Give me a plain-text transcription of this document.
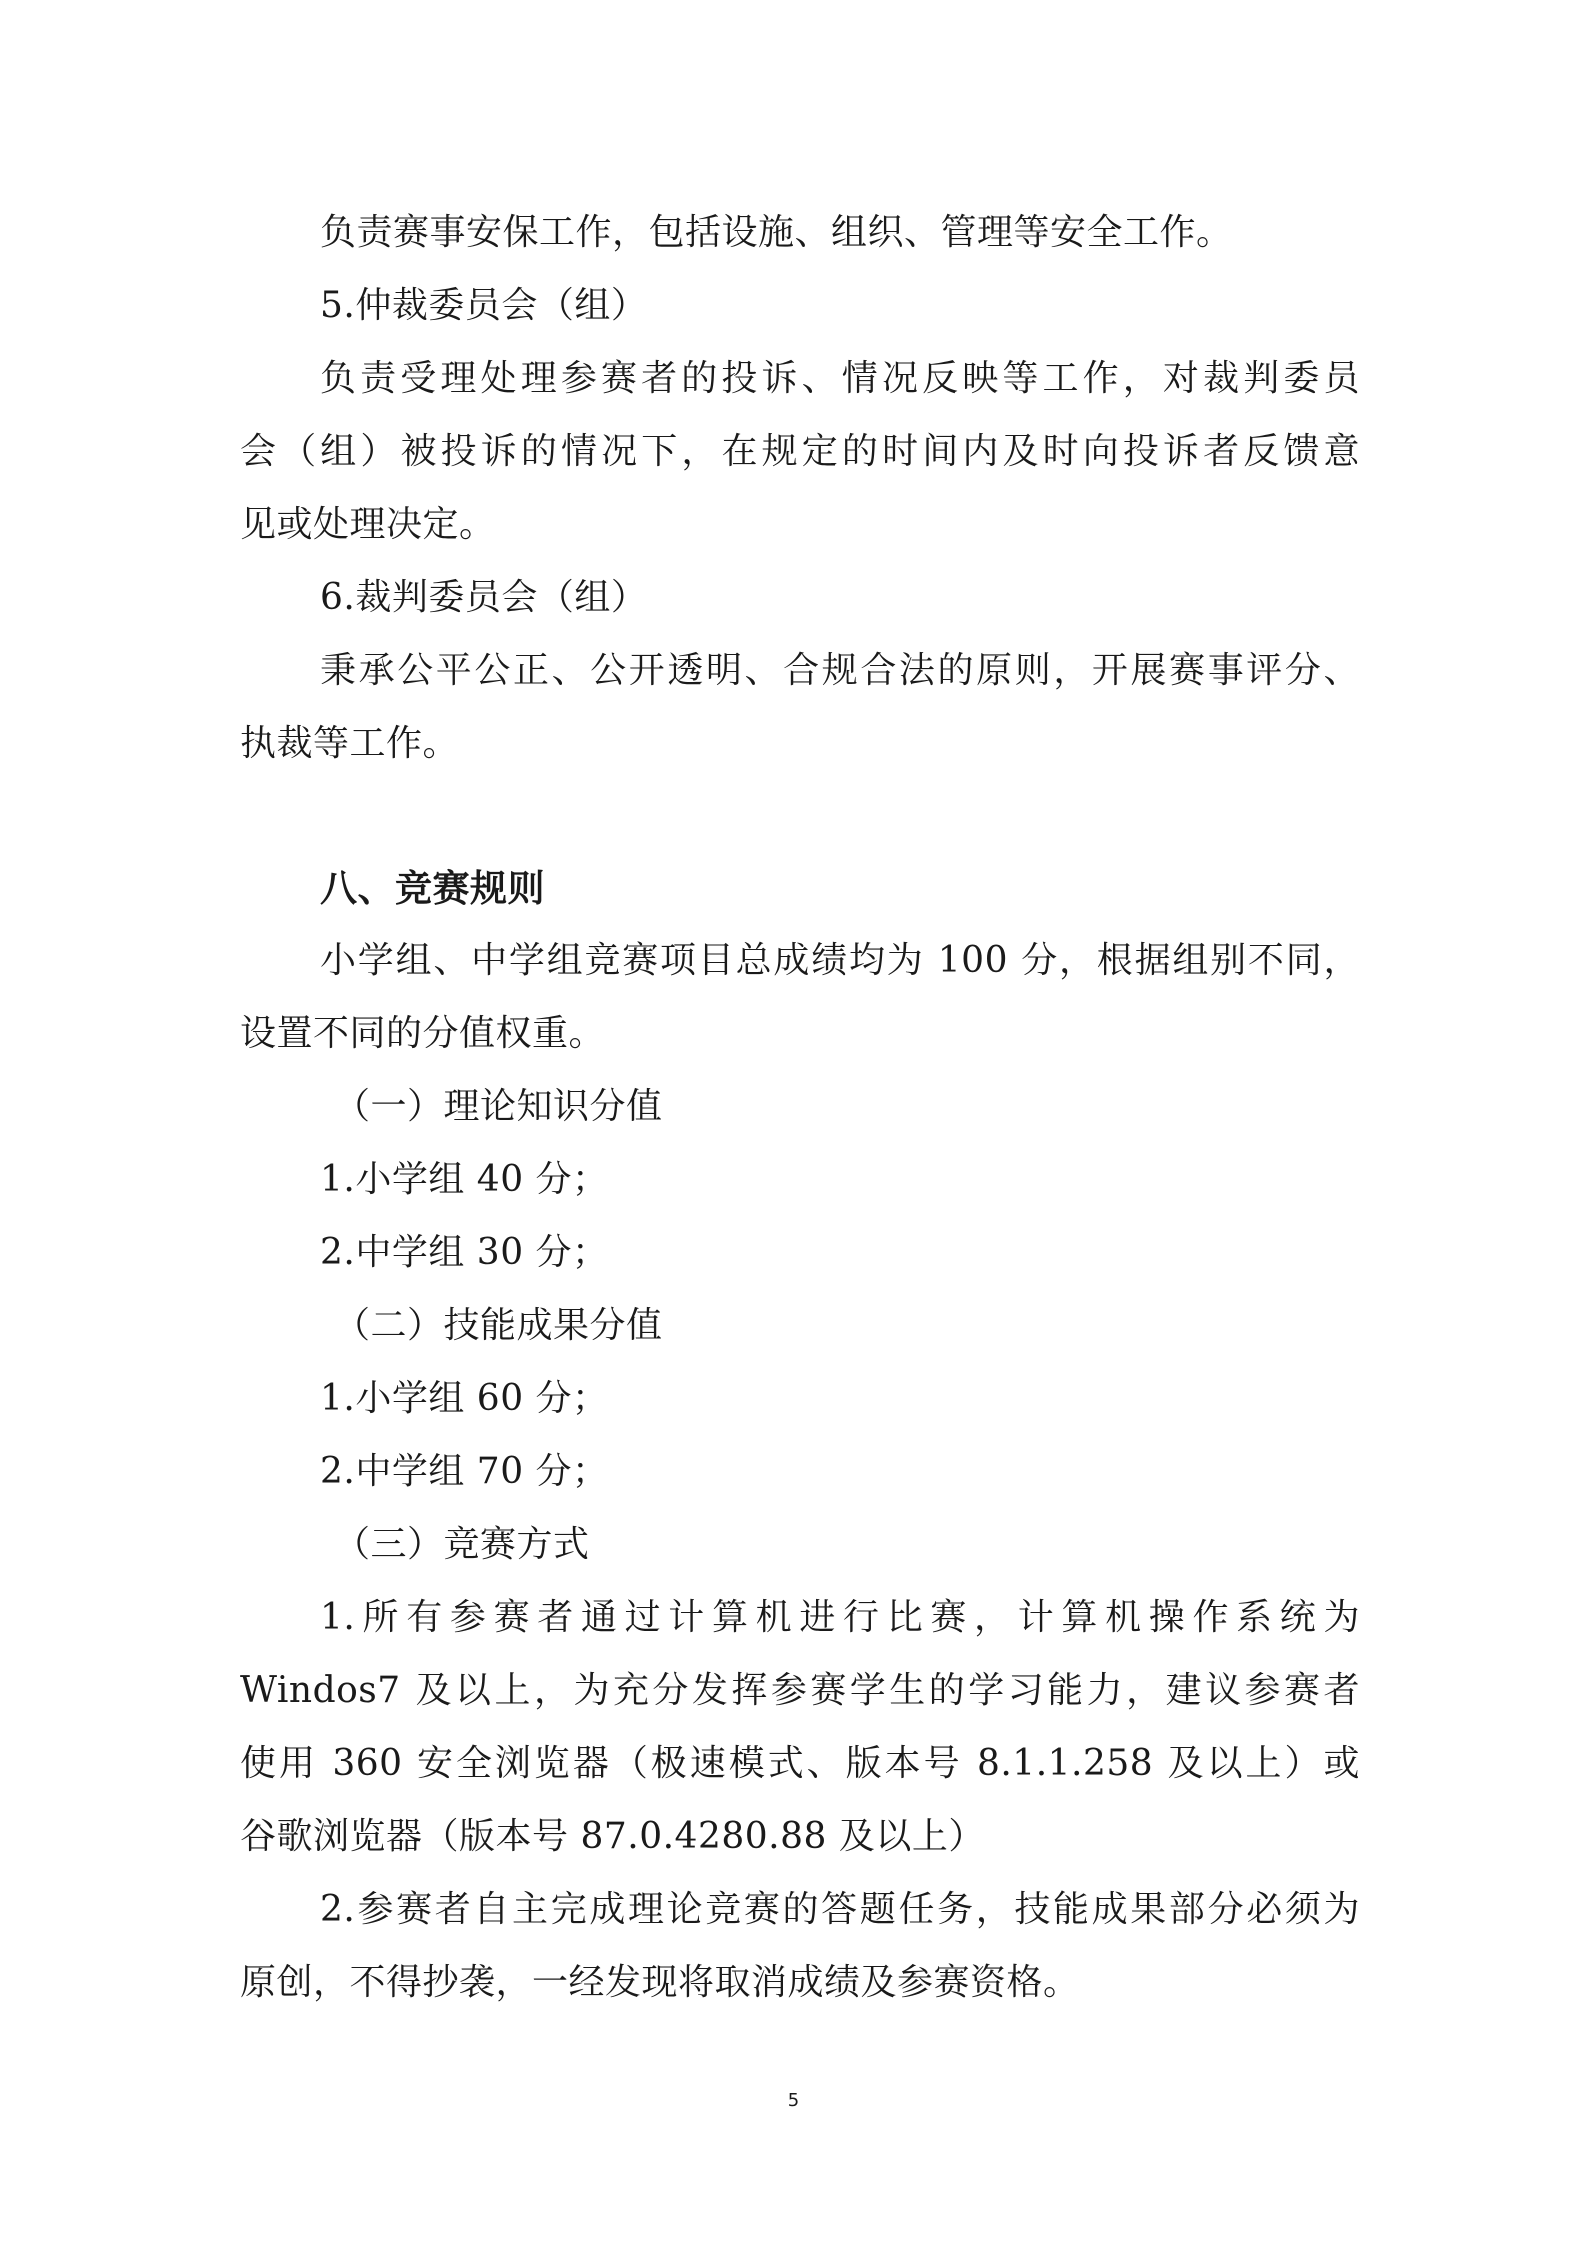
负责赛事安保工作，包括设施、组织、管理等安全工作。
5.仲裁委员会（组）
负责受理处理参赛者的投诉、情况反映等工作，对裁判委员
会（组）被投诉的情况下，在规定的时间内及时向投诉者反馈意
见或处理决定。
6.裁判委员会（组）
秉承公平公正、公开透明、合规合法的原则，开展赛事评分、
执裁等工作。
八、竞赛规则
小学组、中学组竞赛项目总成绩均为 100 分，根据组别不同，
设置不同的分值权重。
（一）理论知识分值
1.小学组 40 分；
2.中学组 30 分；
（二）技能成果分值
1.小学组 60 分；
2.中学组 70 分；
（三）竞赛方式
1.所有参赛者通过计算机进行比赛，计算机操作系统为
Windos7 及以上，为充分发挥参赛学生的学习能力，建议参赛者
使用 360 安全浏览器（极速模式、版本号 8.1.1.258 及以上）或
谷歌浏览器（版本号 87.0.4280.88 及以上）
2.参赛者自主完成理论竞赛的答题任务，技能成果部分必须为
原创，不得抄袭，一经发现将取消成绩及参赛资格。
5
